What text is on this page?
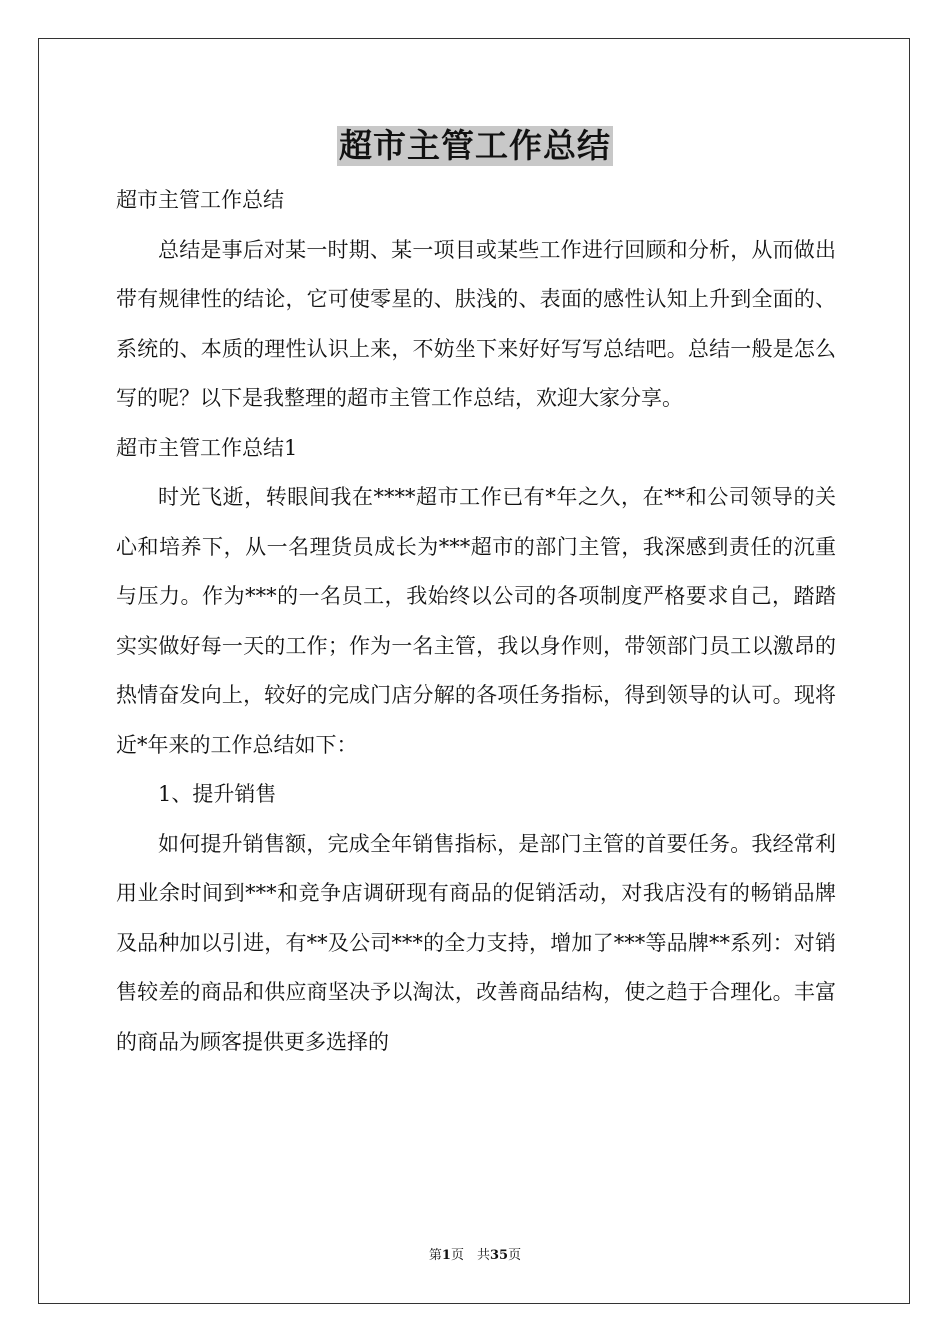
超市主管工作总结

超市主管工作总结

总结是事后对某一时期、某一项目或某些工作进行回顾和分析，从而做出带有规律性的结论，它可使零星的、肤浅的、表面的感性认知上升到全面的、系统的、本质的理性认识上来，不妨坐下来好好写写总结吧。总结一般是怎么写的呢？以下是我整理的超市主管工作总结，欢迎大家分享。

超市主管工作总结1

时光飞逝，转眼间我在****超市工作已有*年之久，在**和公司领导的关心和培养下，从一名理货员成长为***超市的部门主管，我深感到责任的沉重与压力。作为***的一名员工，我始终以公司的各项制度严格要求自己，踏踏实实做好每一天的工作；作为一名主管，我以身作则，带领部门员工以激昂的热情奋发向上，较好的完成门店分解的各项任务指标，得到领导的认可。现将近*年来的工作总结如下：

1、提升销售

如何提升销售额，完成全年销售指标，是部门主管的首要任务。我经常利用业余时间到***和竞争店调研现有商品的促销活动，对我店没有的畅销品牌及品种加以引进，有**及公司***的全力支持，增加了***等品牌**系列：对销售较差的商品和供应商坚决予以淘汰，改善商品结构，使之趋于合理化。丰富的商品为顾客提供更多选择的

第1页　共35页
